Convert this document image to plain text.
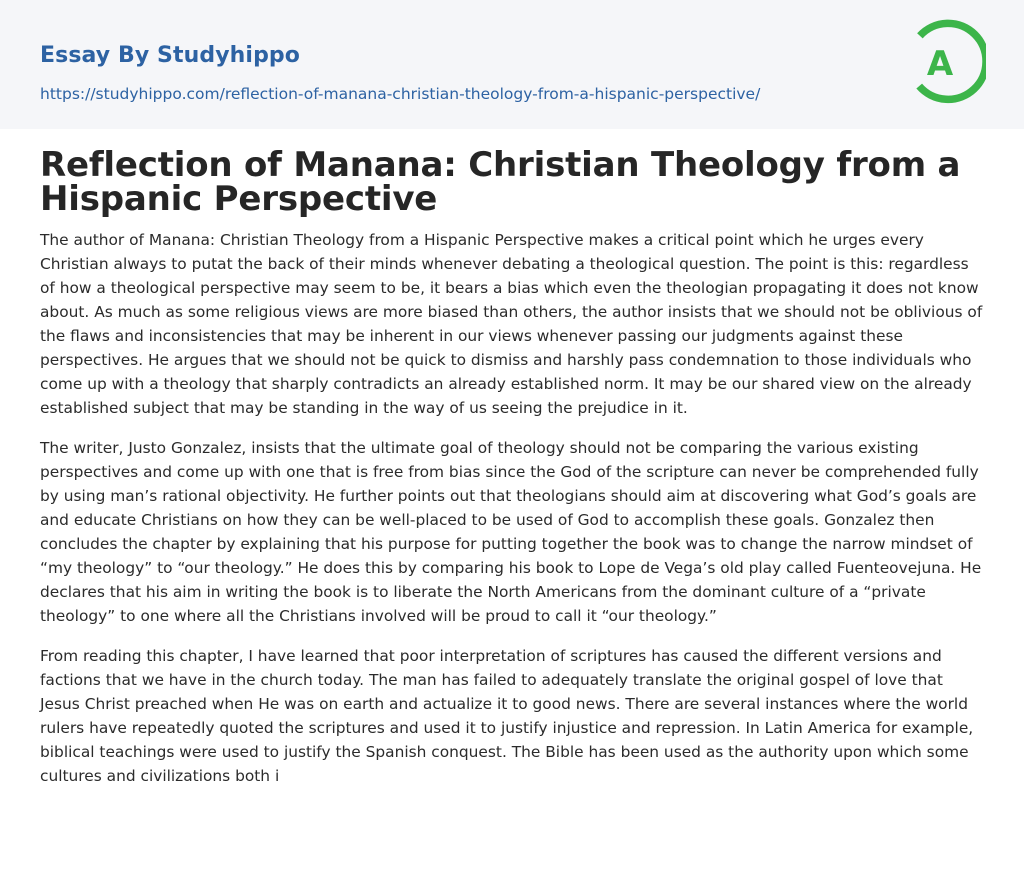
Essay By Studyhippo
https://studyhippo.com/reflection-of-manana-christian-theology-from-a-hispanic-perspective/
A
Reflection of Manana: Christian Theology from a Hispanic Perspective

The author of Manana: Christian Theology from a Hispanic Perspective makes a critical point which he urges every Christian always to putat the back of their minds whenever debating a theological question. The point is this: regardless of how a theological perspective may seem to be, it bears a bias which even the theologian propagating it does not know about. As much as some religious views are more biased than others, the author insists that we should not be oblivious of the flaws and inconsistencies that may be inherent in our views whenever passing our judgments against these perspectives. He argues that we should not be quick to dismiss and harshly pass condemnation to those individuals who come up with a theology that sharply contradicts an already established norm. It may be our shared view on the already established subject that may be standing in the way of us seeing the prejudice in it.

The writer, Justo Gonzalez, insists that the ultimate goal of theology should not be comparing the various existing perspectives and come up with one that is free from bias since the God of the scripture can never be comprehended fully by using man’s rational objectivity. He further points out that theologians should aim at discovering what God’s goals are and educate Christians on how they can be well-placed to be used of God to accomplish these goals. Gonzalez then concludes the chapter by explaining that his purpose for putting together the book was to change the narrow mindset of “my theology” to “our theology.” He does this by comparing his book to Lope de Vega’s old play called Fuenteovejuna. He declares that his aim in writing the book is to liberate the North Americans from the dominant culture of a “private theology” to one where all the Christians involved will be proud to call it “our theology.”

From reading this chapter, I have learned that poor interpretation of scriptures has caused the different versions and factions that we have in the church today. The man has failed to adequately translate the original gospel of love that Jesus Christ preached when He was on earth and actualize it to good news. There are several instances where the world rulers have repeatedly quoted the scriptures and used it to justify injustice and repression. In Latin America for example, biblical teachings were used to justify the Spanish conquest. The Bible has been used as the authority upon which some cultures and civilizations both i
